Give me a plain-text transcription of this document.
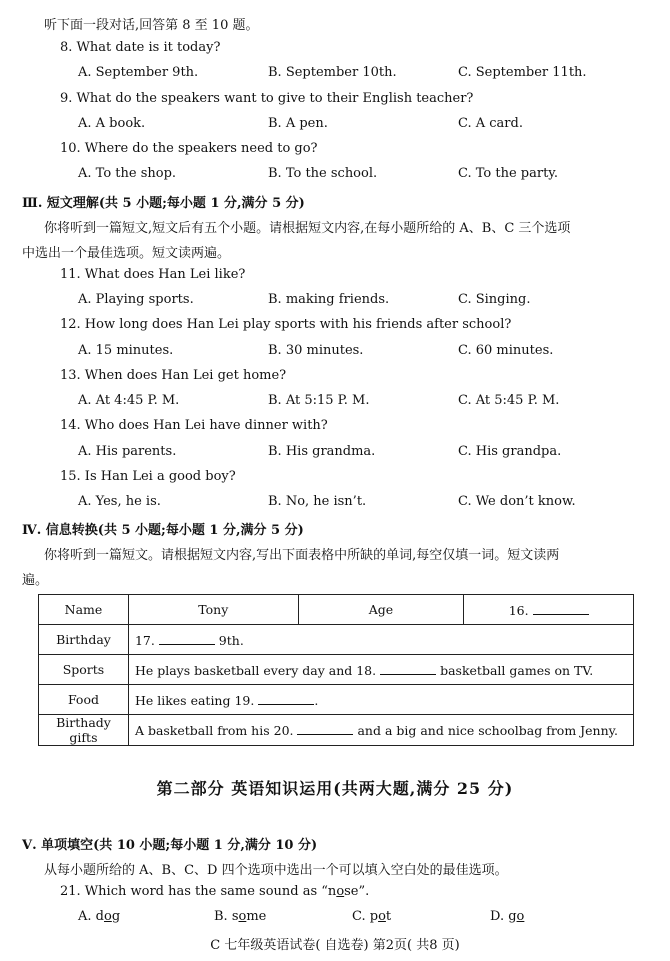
听下面一段对话,回答第 8 至 10 题。
8. What date is it today?
A. September 9th.	B. September 10th.	C. September 11th.
9. What do the speakers want to give to their English teacher?
A. A book.	B. A pen.	C. A card.
10. Where do the speakers need to go?
A. To the shop.	B. To the school.	C. To the party.
Ⅲ. 短文理解(共 5 小题;每小题 1 分,满分 5 分)
你将听到一篇短文,短文后有五个小题。请根据短文内容,在每小题所给的 A、B、C 三个选项
中选出一个最佳选项。短文读两遍。
11. What does Han Lei like?
A. Playing sports.	B. making friends.	C. Singing.
12. How long does Han Lei play sports with his friends after school?
A. 15 minutes.	B. 30 minutes.	C. 60 minutes.
13. When does Han Lei get home?
A. At 4:45 P. M.	B. At 5:15 P. M.	C. At 5:45 P. M.
14. Who does Han Lei have dinner with?
A. His parents.	B. His grandma.	C. His grandpa.
15. Is Han Lei a good boy?
A. Yes, he is.	B. No, he isn’t.	C. We don’t know.
Ⅳ. 信息转换(共 5 小题;每小题 1 分,满分 5 分)
你将听到一篇短文。请根据短文内容,写出下面表格中所缺的单词,每空仅填一词。短文读两
遍。
Name	Tony	Age	16.
Birthday	17. 9th.		
Sports	He plays basketball every day and 18. basketball games on TV.		
Food	He likes eating 19. .		
Birthady gifts	A basketball from his 20. and a big and nice schoolbag from Jenny.		
第二部分 英语知识运用(共两大题,满分 25 分)
Ⅴ. 单项填空(共 10 小题;每小题 1 分,满分 10 分)
从每小题所给的 A、B、C、D 四个选项中选出一个可以填入空白处的最佳选项。
21. Which word has the same sound as “nose”.
A. dog	B. some	C. pot	D. go
C 七年级英语试卷( 自选卷) 第2页( 共8 页)
